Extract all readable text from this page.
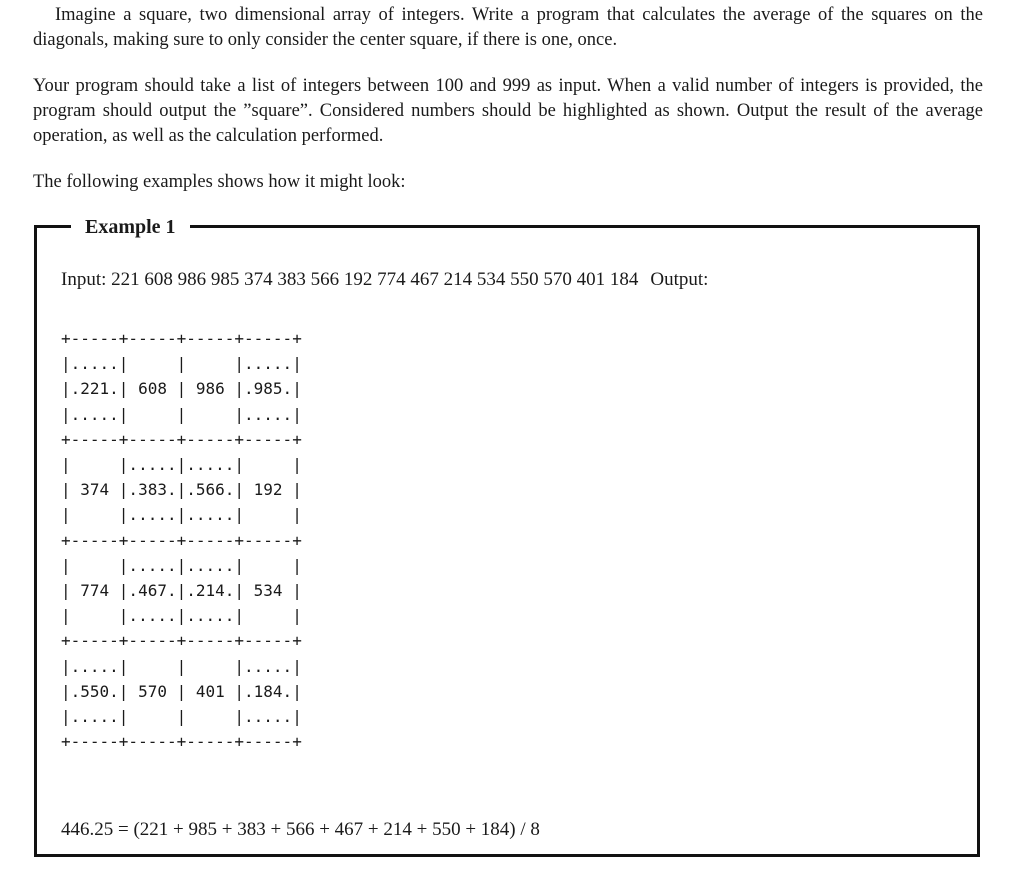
Imagine a square, two dimensional array of integers. Write a program that calculates the average of the squares on the diagonals, making sure to only consider the center square, if there is one, once.

Your program should take a list of integers between 100 and 999 as input. When a valid number of integers is provided, the program should output the ”square”. Considered numbers should be highlighted as shown. Output the result of the average operation, as well as the calculation performed.

The following examples shows how it might look:

Example 1
Input: 221 608 986 985 374 383 566 192 774 467 214 534 550 570 401 184 Output:
+-----+-----+-----+-----+
|.....|     |     |.....|
|.221.| 608 | 986 |.985.|
|.....|     |     |.....|
+-----+-----+-----+-----+
|     |.....|.....|     |
| 374 |.383.|.566.| 192 |
|     |.....|.....|     |
+-----+-----+-----+-----+
|     |.....|.....|     |
| 774 |.467.|.214.| 534 |
|     |.....|.....|     |
+-----+-----+-----+-----+
|.....|     |     |.....|
|.550.| 570 | 401 |.184.|
|.....|     |     |.....|
+-----+-----+-----+-----+
446.25 = (221 + 985 + 383 + 566 + 467 + 214 + 550 + 184) / 8
